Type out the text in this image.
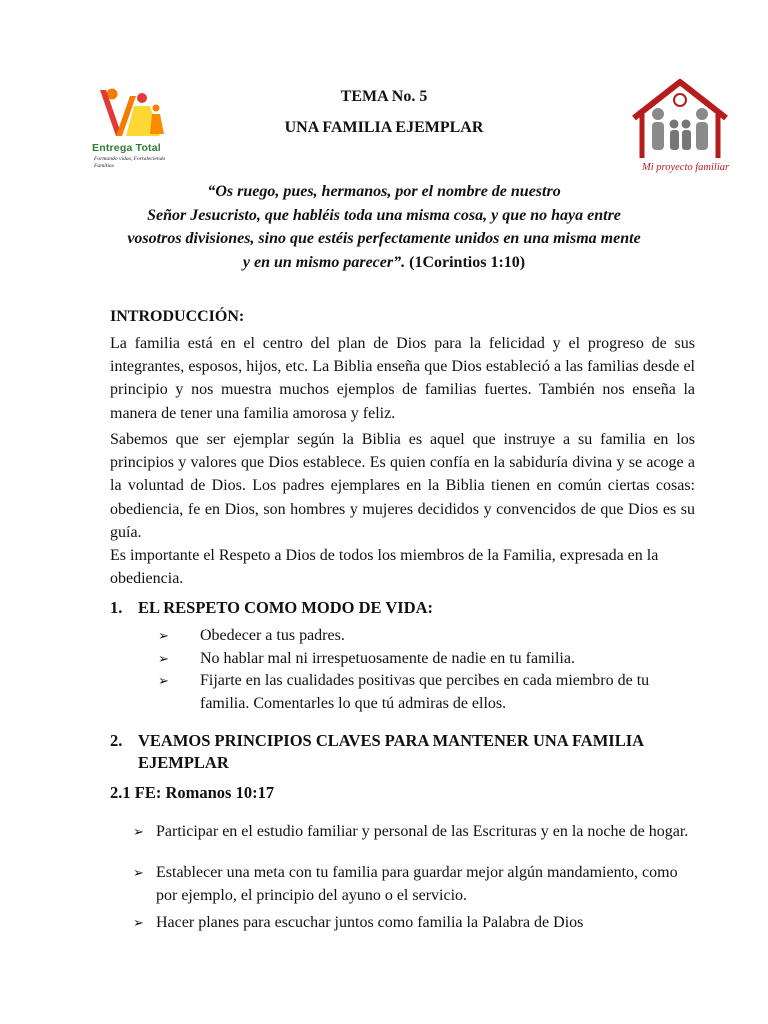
Entrega Total
Formando vidas, Fortaleciendo Familias	Mi proyecto familiar
TEMA No. 5
UNA FAMILIA EJEMPLAR
“Os ruego, pues, hermanos, por el nombre de nuestro
Señor Jesucristo, que habléis toda una misma cosa, y que no haya entre
vosotros divisiones, sino que estéis perfectamente unidos en una misma mente
y en un mismo parecer”. (1Corintios 1:10)
INTRODUCCIÓN:
La familia está en el centro del plan de Dios para la felicidad y el progreso de sus integrantes, esposos, hijos, etc. La Biblia enseña que Dios estableció a las familias desde el principio y nos muestra muchos ejemplos de familias fuertes. También nos enseña la manera de tener una familia amorosa y feliz.
Sabemos que ser ejemplar según la Biblia es aquel que instruye a su familia en los principios y valores que Dios establece. Es quien confía en la sabiduría divina y se acoge a la voluntad de Dios. Los padres ejemplares en la Biblia tienen en común ciertas cosas: obediencia, fe en Dios, son hombres y mujeres decididos y convencidos de que Dios es su guía.
Es importante el Respeto a Dios de todos los miembros de la Familia, expresada en la obediencia.
1. EL RESPETO COMO MODO DE VIDA:
➢ Obedecer a tus padres.
➢ No hablar mal ni irrespetuosamente de nadie en tu familia.
➢ Fijarte en las cualidades positivas que percibes en cada miembro de tu familia. Comentarles lo que tú admiras de ellos.
2. VEAMOS PRINCIPIOS CLAVES PARA MANTENER UNA FAMILIA EJEMPLAR
2.1 FE: Romanos 10:17
➢ Participar en el estudio familiar y personal de las Escrituras y en la noche de hogar.
➢ Establecer una meta con tu familia para guardar mejor algún mandamiento, como por ejemplo, el principio del ayuno o el servicio.
➢ Hacer planes para escuchar juntos como familia la Palabra de Dios
